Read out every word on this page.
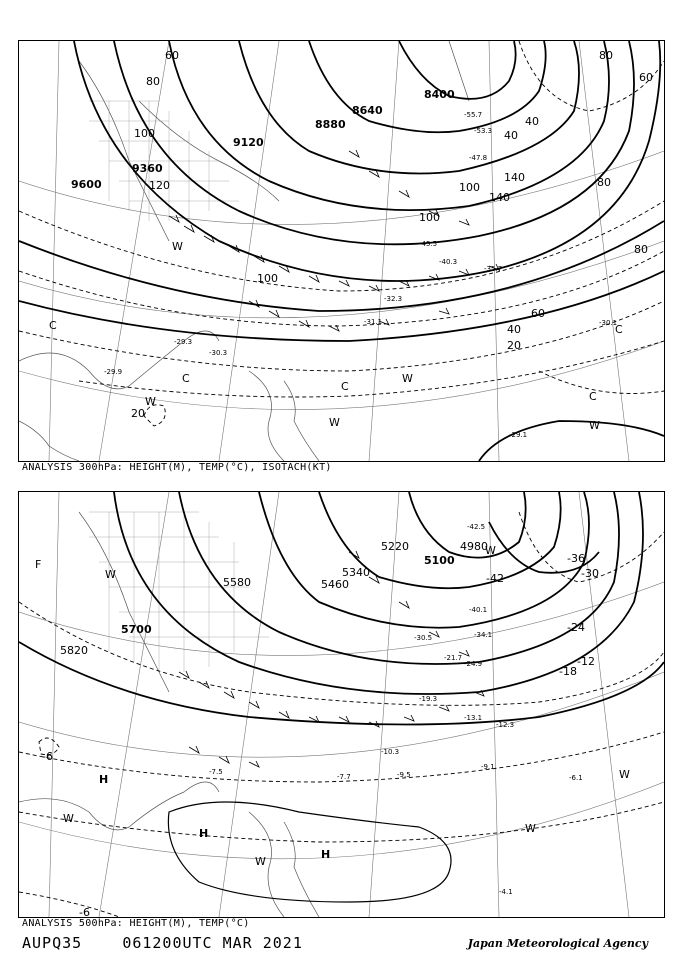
9600
9360
9120
8880
8640
8400
60
80
100
120
140
140
100
100	80
80
60
60
40
40
20
20
100
80
40
-29.1
-30.1
-31.1
-32.3
-35.7
-40.3
-45.5
-47.8
-53.3
-55.7
-29.9
-29.3
-30.3
C
C
C
C
C
W
W
W	W
W
ANALYSIS 300hPa: HEIGHT(M), TEMP(°C), ISOTACH(KT)
5820
5700
5580	5460
5340
5220
5100
4980
-6
-6
-12
-18
-24
-30
-36
-42
-4.1
-6.1
-9.1
-12.3
-13.1
-19.3
-21.7
-24.9
-30.5	-34.1
-42.5
-40.1
-7.5
-7.7	-9.5
-10.3
H
H
H
W
W
W
W
W
W
F
ANALYSIS 500hPa: HEIGHT(M), TEMP(°C)
AUPQ35	061200UTC MAR 2021	Japan Meteorological Agency
